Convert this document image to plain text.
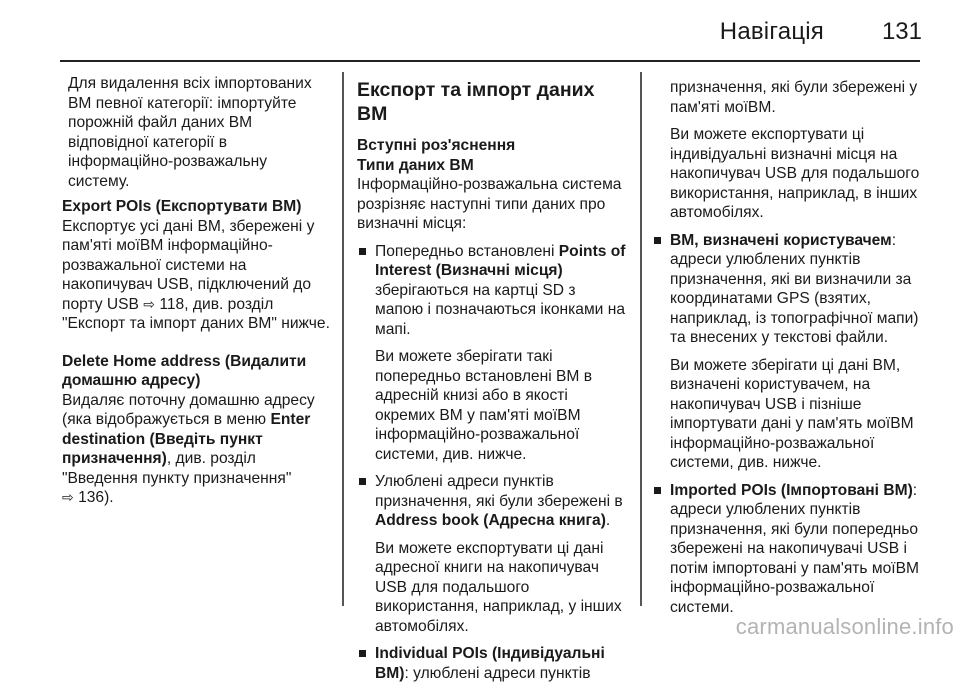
Навігація 131

Для видалення всіх імпортованих ВМ певної категорії: імпортуйте порожній файл даних ВМ відповідної категорії в інформаційно-розважальну систему.

Export POIs (Експортувати ВМ)

Експортує усі дані ВМ, збережені у пам'яті моїВМ інформаційно-розважальної системи на накопичувач USB, підключений до порту USB ⇨ 118, див. розділ "Експорт та імпорт даних ВМ" нижче.

Delete Home address (Видалити домашню адресу)

Видаляє поточну домашню адресу (яка відображується в меню Enter destination (Введіть пункт призначення), див. розділ "Введення пункту призначення" ⇨ 136).

Експорт та імпорт даних ВМ
Вступні роз'яснення
Типи даних ВМ

Інформаційно-розважальна система розрізняє наступні типи даних про визначні місця:

Попередньо встановлені Points of Interest (Визначні місця) зберігаються на картці SD з мапою і позначаються іконками на мапі.

Ви можете зберігати такі попередньо встановлені ВМ в адресній книзі або в якості окремих ВМ у пам'яті моїВМ інформаційно-розважальної системи, див. нижче.

Улюблені адреси пунктів призначення, які були збережені в Address book (Адресна книга).

Ви можете експортувати ці дані адресної книги на накопичувач USB для подальшого використання, наприклад, у інших автомобілях.

Individual POIs (Індивідуальні ВМ): улюблені адреси пунктів

призначення, які були збережені у пам'яті моїВМ.

Ви можете експортувати ці індивідуальні визначні місця на накопичувач USB для подальшого використання, наприклад, в інших автомобілях.

ВМ, визначені користувачем: адреси улюблених пунктів призначення, які ви визначили за координатами GPS (взятих, наприклад, із топографічної мапи) та внесених у текстові файли.

Ви можете зберігати ці дані ВМ, визначені користувачем, на накопичувач USB і пізніше імпортувати дані у пам'ять моїВМ інформаційно-розважальної системи, див. нижче.

Imported POIs (Імпортовані ВМ): адреси улюблених пунктів призначення, які були попередньо збережені на накопичувачі USB і потім імпортовані у пам'ять моїВМ інформаційно-розважальної системи.
carmanualsonline.info
